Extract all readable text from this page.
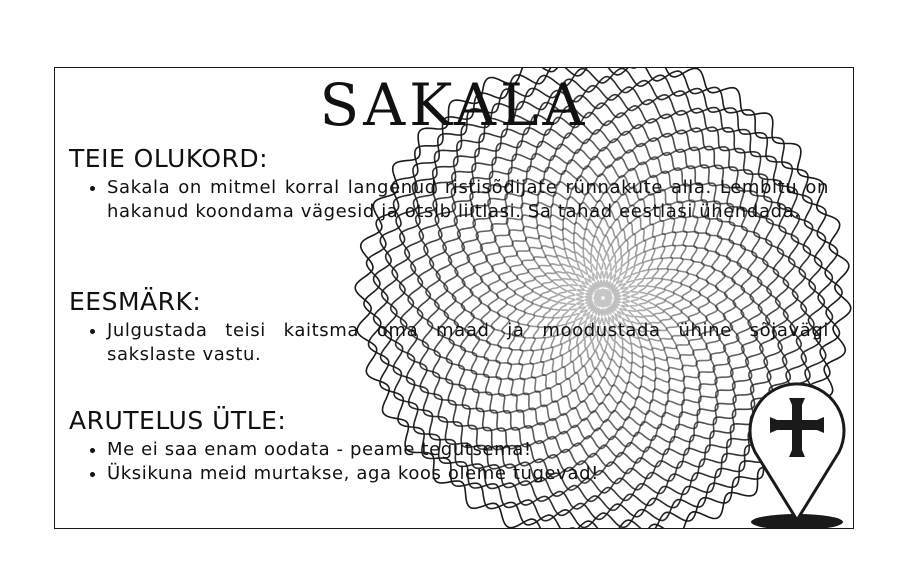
SAKALA
TEIE OLUKORD:
• Sakala on mitmel korral langenud ristisõdijate rünnakute alla. Lembitu on hakanud koondama vägesid ja otsib liitlasi. Sa tahad eestlasi ühendada.
EESMÄRK:
• Julgustada teisi kaitsma oma maad ja moodustada ühine sõjavägi sakslaste vastu.
ARUTELUS ÜTLE:
• Me ei saa enam oodata - peame tegutsema!
• Üksikuna meid murtakse, aga koos oleme tugevad!
